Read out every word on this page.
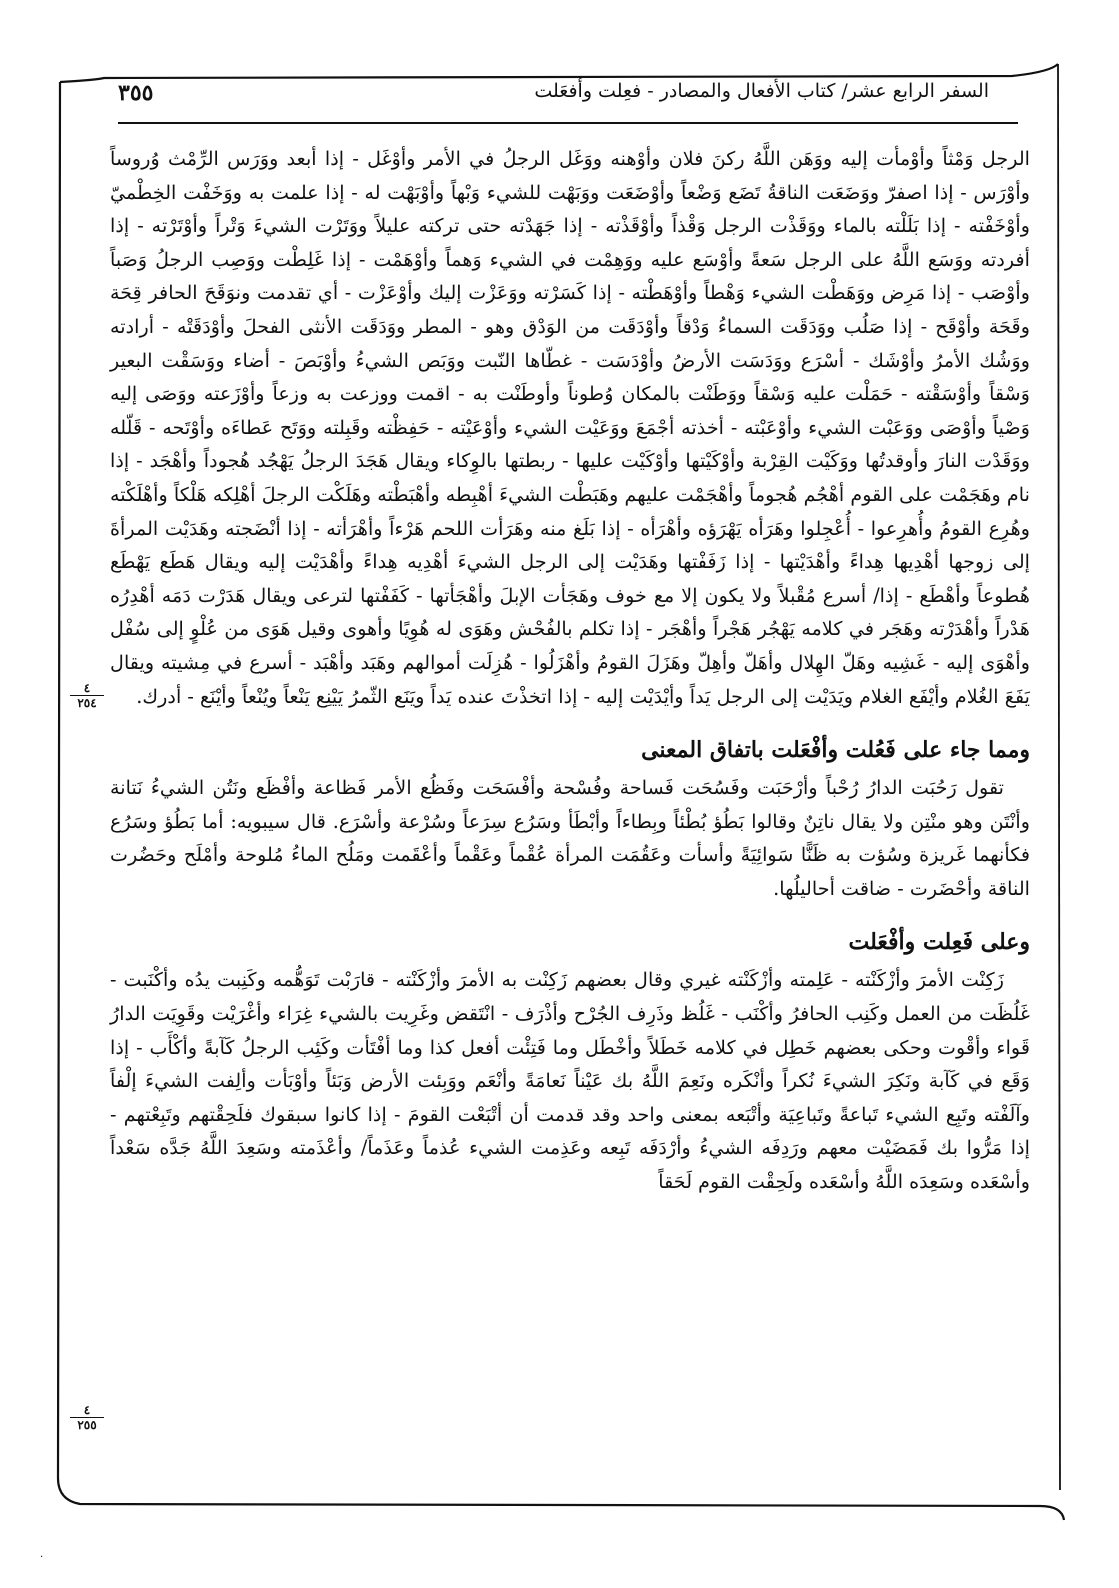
٣٥٥	السفر الرابع عشر/ كتاب الأفعال والمصادر - فعِلت وأفعَلت

الرجل وَمْثاً وأوْمأت إليه ووَهَن اللَّهُ ركنَ فلان وأوْهنه ووَغَل الرجلُ في الأمر وأوْغَل - إذا أبعد ووَرَس الرِّمْث وُروساً وأوْرَس - إذا اصفرّ ووَضَعَت الناقةُ تَضَع وَضْعاً وأوْضَعَت ووَبَهْت للشيء وَبْهاً وأوْبَهْت له - إذا علمت به ووَخَفْت الخِطْميّ وأوْخَفْته - إذا بَلَلْته بالماء ووَقَذْت الرجل وَقْذاً وأوْقَذْته - إذا جَهَدْته حتى تركته عليلاً ووَتَرْت الشيءَ وَتْراً وأوْتَرْته - إذا أفردته ووَسَع اللَّهُ على الرجل سَعةً وأوْسَع عليه ووَهِمْت في الشيء وَهماً وأوْهَمْت - إذا غَلِطْت ووَصِب الرجلُ وَصَباً وأوْصَب - إذا مَرِض ووَهَطْت الشيء وَهْطاً وأوْهَطْته - إذا كَسَرْته ووَعَزْت إليك وأوْعَزْت - أي تقدمت ونوَقَحَ الحافر قِحَة وقَحَة وأوْقَح - إذا صَلُب ووَدَقَت السماءُ وَدْقاً وأوْدَقَت من الوَدْق وهو - المطر ووَدَقَت الأنثى الفحلَ وأوْدَقَتْه - أرادته ووَشُك الأمرُ وأوْشَك - أسْرَع ووَدَسَت الأرضُ وأوْدَسَت - غطّاها النّبت ووَبَص الشيءُ وأوْبَصَ - أضاء ووَسَقْت البعير وَسْقاً وأوْسَقْته - حَمَلْت عليه وَسْقاً ووَطَنْت بالمكان وُطوناً وأوطَنْت به - اقمت ووزعت به وزعاً وأوْزَعته ووَصَى إليه وَصْياً وأوْصَى ووَعَبْت الشيء وأوْعَبْته - أخذته أجْمَعَ ووَعَيْت الشيء وأوْعَيْته - حَفِظْته وقَبِلته ووَتَح عَطاءَه وأوْتَحه - قَلّله ووَقَدْت النارَ وأوقدتُها ووَكَيْت القِرْبة وأوْكَيْتها وأوْكَيْت عليها - ربطتها بالوِكاء ويقال هَجَدَ الرجلُ يَهْجُد هُجوداً وأهْجَد - إذا نام وهَجَمْت على القوم أهْجُم هُجوماً وأهْجَمْت عليهم وهَبَطْت الشيءَ أهْبِطه وأهْبَطْته وهَلَكْت الرجلَ أهْلِكه هَلْكاً وأهْلَكْته وهُرِع القومُ وأُهرِعوا - أُعْجِلوا وهَرَأه يَهْرَؤه وأهْرَأه - إذا بَلَغ منه وهَرَأت اللحم هَرْءاً وأهْرَأته - إذا أنْضَجته وهَدَيْت المرأةَ إلى زوجها أهْدِيها هِداءً وأهْدَيْتها - إذا زَفَفْتها وهَدَيْت إلى الرجل الشيءَ أهْدِيه هِداءً وأهْدَيْت إليه ويقال هَطَع يَهْطَع هُطوعاً وأهْطَع - إذا/ أسرع مُقْبلاً ولا يكون إلا مع خوف وهَجَأت الإبلَ وأهْجَأتها - كَفَفْتها لترعى ويقال هَدَرْت دَمَه أهْدِرُه هَدْراً وأهْدَرْته وهَجَر في كلامه يَهْجُر هَجْراً وأهْجَر - إذا تكلم بالفُحْش وهَوَى له هُوِيًا وأهوى وقيل هَوَى من عُلْوٍ إلى سُفْل وأهْوَى إليه - غَشِيه وهَلّ الهِلال وأهَلّ وأهِلّ وهَزَلَ القومُ وأهْزَلُوا - هُزِلَت أموالهم وهَبَد وأهْبَد - أسرع في مِشيته ويقال يَفَعَ الغُلام وأيْفَع الغلام ويَدَيْت إلى الرجل يَداً وأيْدَيْت إليه - إذا اتخذْتَ عنده يَداً ويَنَع الثّمرُ يَيْنِع يَنْعاً ويُنْعاً وأيْنَع - أدرك.

ومما جاء على فَعُلت وأفْعَلت باتفاق المعنى

تقول رَحُبَت الدارُ رُحْباً وأرْحَبَت وفَسُحَت فَساحة وفُسْحة وأفْسَحَت وفَظُع الأمر فَظاعة وأفْظَع ونَتُن الشيءُ نَتانة وأنْتَن وهو منْتِن ولا يقال ناتِنٌ وقالوا بَطُؤ بُطْئاً وبِطاءاً وأبْطَأ وسَرُع سِرَعاً وسُرْعة وأسْرَع. قال سيبويه: أما بَطُؤ وسَرُع فكأنهما غَريزة وسُؤت به ظَنًّا سَوائِيَةً وأسأت وعَقُمَت المرأة عُقْماً وعَقْماً وأعْقَمت ومَلُح الماءُ مُلوحة وأمْلَح وحَضُرت الناقة وأحْضَرت - ضاقت أحاليلُها.

وعلى فَعِلت وأفْعَلت

زَكِنْت الأمرَ وأزْكَنْته - عَلِمته وأزْكَنْته غيري وقال بعضهم زَكِنْت به الأمرَ وأزْكَنْته - قارَبْت تَوَهُّمه وكَنِبت يدُه وأكْنَبت - غَلُظَت من العمل وكَنِب الحافرُ وأكْنَب - غَلُظ وذَرِف الجُرْح وأذْرَف - انْتَقض وغَرِيت بالشيء غِرَاء وأغْرَيْت وقَوِيَت الدارُ قَواء وأقْوت وحكى بعضهم خَطِل في كلامه خَطَلاً وأخْطَل وما فَتِئْت أفعل كذا وما أفْتَأت وكَئِب الرجلُ كَآبةً وأكْأَب - إذا وَقَع في كَآبة ونَكِرَ الشيءَ نُكراً وأنْكَره ونَعِمَ اللَّهُ بك عَيْناً نَعامَةً وأنْعَم ووَبِئت الأرض وَبَئاً وأوْبَأت وألِفت الشيءَ إلْفاً وآلَفْته وتَبِع الشيء تَباعةً وتَباعِيَة وأتْبَعه بمعنى واحد وقد قدمت أن أتْبَعْت القومَ - إذا كانوا سبقوك فلَحِقْتهم وتَبِعْتهم - إذا مَرُّوا بك فَمَضَيْت معهم ورَدِفَه الشيءُ وأرْدَفَه تَبِعه وعَذِمت الشيء عُذماً وعَذَماً/ وأعْذَمته وسَعِدَ اللَّهُ جَدَّه سَعْداً وأسْعَده وسَعِدَه اللَّهُ وأسْعَده ولَحِقْت القوم لَحَقاً

٤
٢٥٤
٤
٢٥٥
·
